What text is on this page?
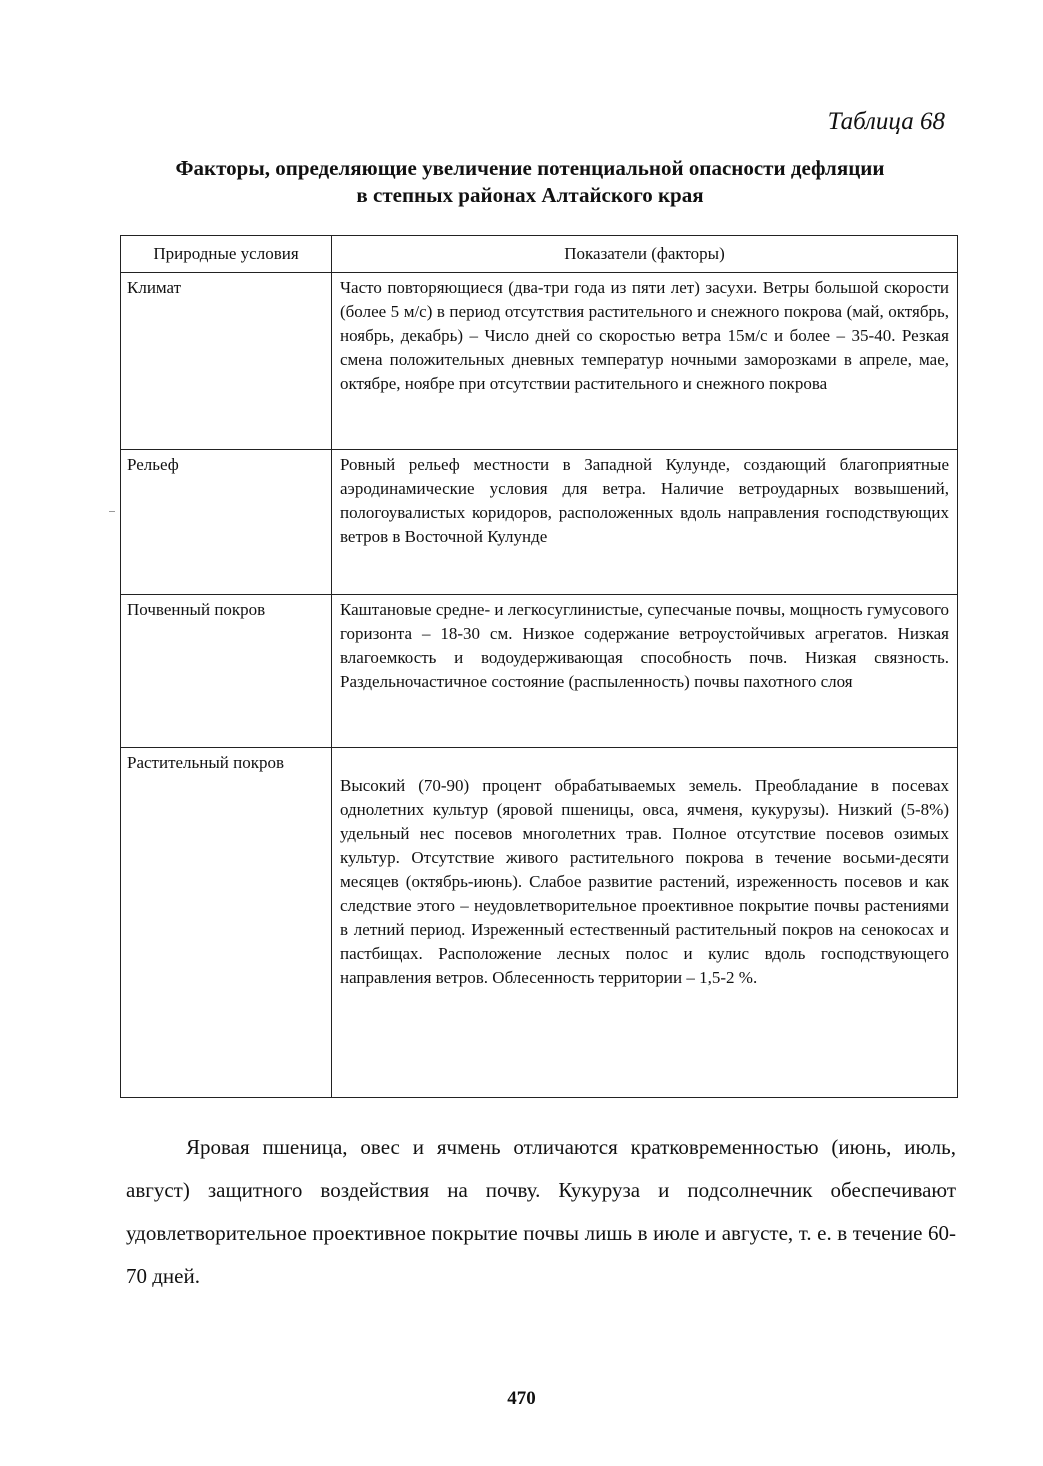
Таблица 68
Факторы, определяющие увеличение потенциальной опасности дефляции
в степных районах Алтайского края
Природные условия	Показатели (факторы)
Климат	Часто повторяющиеся (два-три года из пяти лет) засухи. Ветры большой скорости (более 5 м/с) в период отсутствия растительного и снежного покрова (май, октябрь, ноябрь, декабрь) – Число дней со скоростью ветра 15м/с и более – 35-40. Резкая смена положительных дневных температур ночными заморозками в апреле, мае, октябре, ноябре при отсутствии растительного и снежного покрова
Рельеф	Ровный рельеф местности в Западной Кулунде, создающий благоприятные аэродинамические условия для ветра. Наличие ветроударных возвышений, пологоувалистых коридоров, расположенных вдоль направления господствующих ветров в Восточной Кулунде
Почвенный покров	Каштановые средне- и легкосуглинистые, супесчаные почвы, мощность гумусового горизонта – 18-30 см. Низкое содержание ветроустойчивых агрегатов. Низкая влагоемкость и водоудерживающая способность почв. Низкая связность. Раздельночастичное состояние (распыленность) почвы пахотного слоя
Растительный покров	Высокий (70-90) процент обрабатываемых земель. Преобладание в посевах однолетних культур (яровой пшеницы, овса, ячменя, кукурузы). Низкий (5-8%) удельный нес посевов многолетних трав. Полное отсутствие посевов озимых культур. Отсутствие живого растительного покрова в течение восьми-десяти месяцев (октябрь-июнь). Слабое развитие растений, изреженность посевов и как следствие этого – неудовлетворительное проективное покрытие почвы растениями в летний период. Изреженный естественный растительный покров на сенокосах и пастбищах. Расположение лесных полос и кулис вдоль господствующего направления ветров. Облесенность территории – 1,5-2 %.

Яровая пшеница, овес и ячмень отличаются кратковременностью (июнь, июль, август) защитного воздействия на почву. Кукуруза и подсолнечник обеспечивают удовлетворительное проективное покрытие почвы лишь в июле и августе, т. е. в течение 60-70 дней.

470
